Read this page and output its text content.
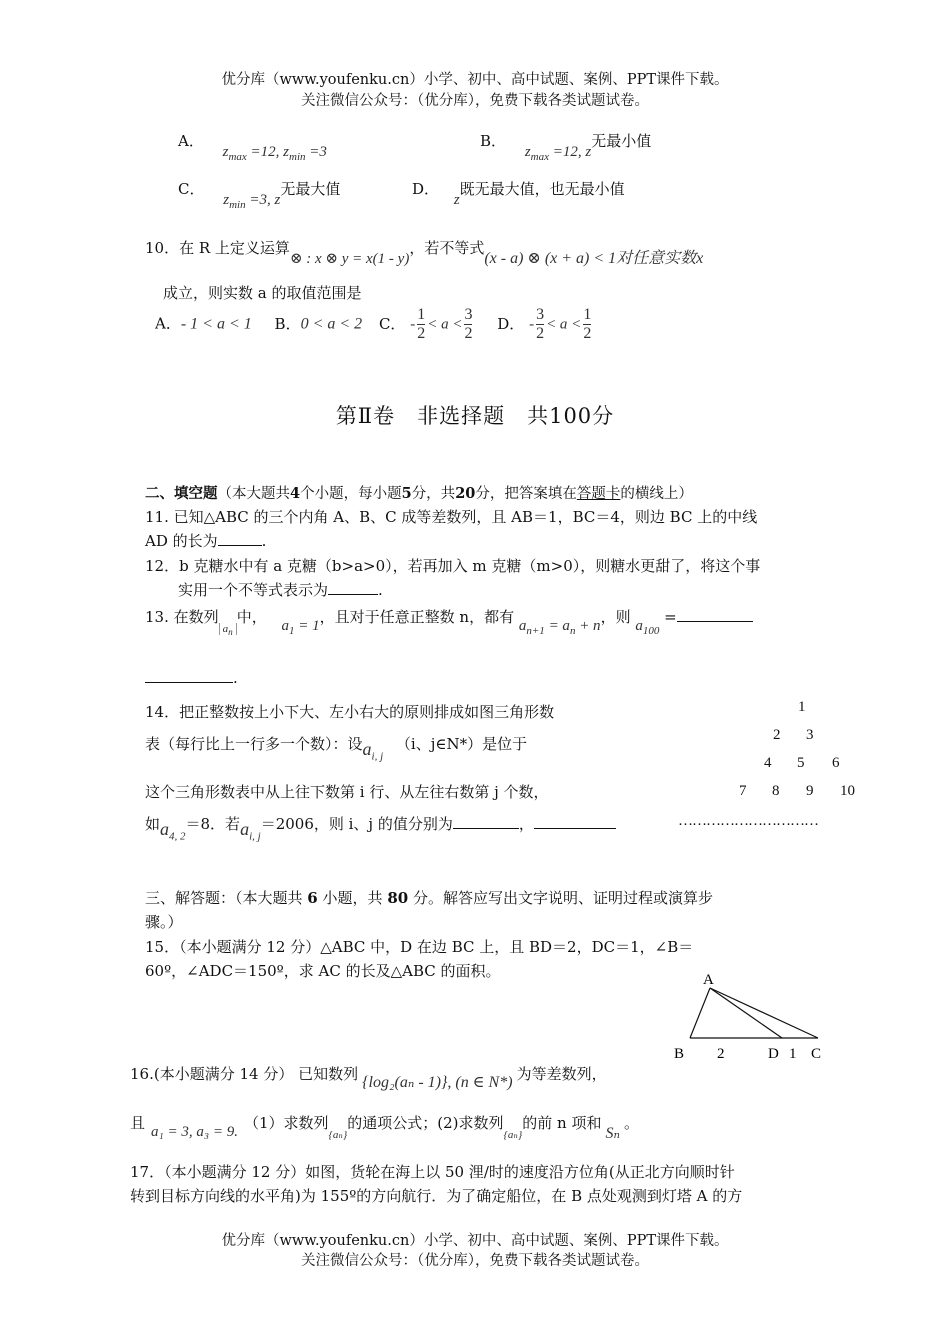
优分库（www.youfenku.cn）小学、初中、高中试题、案例、PPT课件下载。
关注微信公众号：（优分库），免费下载各类试题试卷。
A． $z_{max} =12$, $z_{min} =3$
B． $z_{max} =12$, z无最小值
C． $z_{min} =3$, z无最大值	D． z既无最大值，也无最小值
10．在 R 上定义运算⊗ : x ⊗ y = x(1 - y)，若不等式(x - a) ⊗ (x + a) < 1对任意实数x
成立，则实数 a 的取值范围是
A．- 1 < a < 1 B．0 < a < 2 C． - $\frac{1}{2} < a < \frac{3}{2}$ D． - $\frac{3}{2} < a < \frac{1}{2}$
第Ⅱ卷　非选择题　共100分
二、填空题（本大题共4个小题，每小题5分，共20分，把答案填在答题卡的横线上）
11. 已知△ABC 的三个内角 A、B、C 成等差数列，且 AB＝1，BC＝4，则边 BC 上的中线
AD 的长为	.
12．b 克糖水中有 a 克糖（b>a>0），若再加入 m 克糖（m>0），则糖水更甜了，将这个事
实用一个不等式表示为	.
13. 在数列$_{a_n}$中， $a_1 = 1$，且对于任意正整数 n，都有 $a_{n+1} = a_n + n$，则 $a_{100}$ =
.
14．把正整数按上小下大、左小右大的原则排成如图三角形数
表（每行比上一行多一个数）：设$a_{i, j}$ （i、j∈N*）是位于
这个三角形数表中从上往下数第 i 行、从左往右数第 j 个数，
如$a_{4, 2}=8$．若$a_{i, j}=2006$，则 i、j 的值分别为	，
1
2 3
4 5 6
7 8 9 10
…………………………
三、解答题：（本大题共 6 小题，共 80 分。解答应写出文字说明、证明过程或演算步
骤。）
15．（本小题满分 12 分）△ABC 中，D 在边 BC 上，且 BD＝2，DC＝1，∠B＝
60º，∠ADC＝150º，求 AC 的长及△ABC 的面积。	A
B 2	D 1 C
16.(本小题满分 14 分） 已知数列 {log₂(aₙ - 1)}, (n ∈ N*) 为等差数列，
且 a₁ = 3, a₃ = 9. （1）求数列$_{\{a_n\}}$的通项公式；(2)求数列$_{\{a_n\}}$的前 n 项和Sₙ。
17．（本小题满分 12 分）如图，货轮在海上以 50 浬/时的速度沿方位角(从正北方向顺时针
转到目标方向线的水平角)为 155º的方向航行．为了确定船位，在 B 点处观测到灯塔 A 的方
优分库（www.youfenku.cn）小学、初中、高中试题、案例、PPT课件下载。
关注微信公众号：（优分库），免费下载各类试题试卷。
